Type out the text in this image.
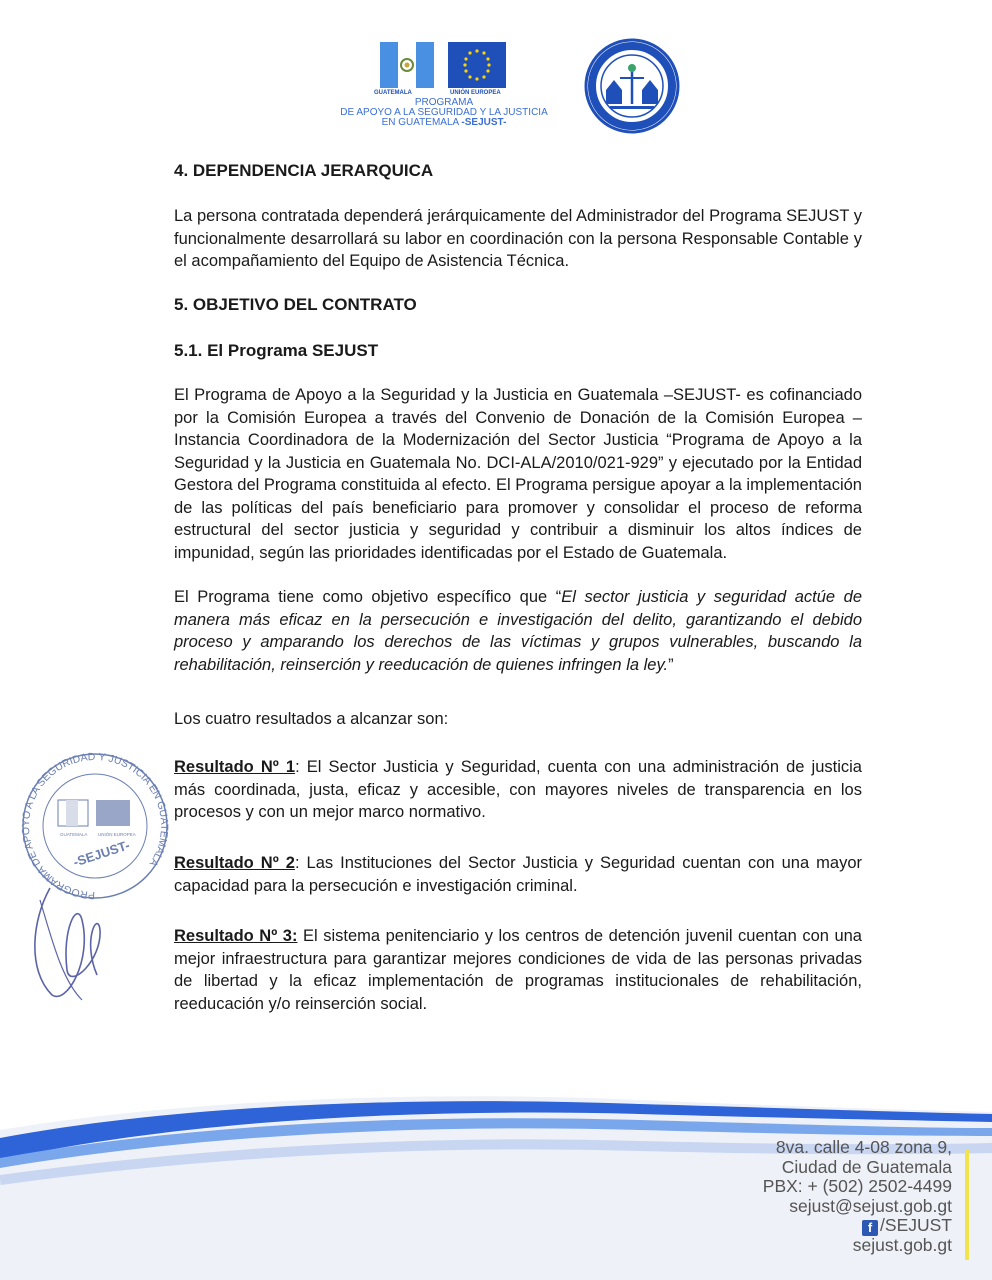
GUATEMALA	UNIÓN EUROPEA
PROGRAMA
DE APOYO A LA SEGURIDAD Y LA JUSTICIA
EN GUATEMALA -SEJUST-
4. DEPENDENCIA JERARQUICA
La persona contratada dependerá jerárquicamente del Administrador del Programa SEJUST y funcionalmente desarrollará su labor en coordinación con la persona Responsable Contable y el acompañamiento del Equipo de Asistencia Técnica.
5. OBJETIVO DEL CONTRATO
5.1. El Programa SEJUST
El Programa de Apoyo a la Seguridad y la Justicia en Guatemala –SEJUST- es cofinanciado por la Comisión Europea a través del Convenio de Donación de la Comisión Europea – Instancia Coordinadora de la Modernización del Sector Justicia “Programa de Apoyo a la Seguridad y la Justicia en Guatemala No. DCI-ALA/2010/021-929” y ejecutado por la Entidad Gestora del Programa constituida al efecto. El Programa persigue apoyar a la implementación de las políticas del país beneficiario para promover y consolidar el proceso de reforma estructural del sector justicia y seguridad y contribuir a disminuir los altos índices de impunidad, según las prioridades identificadas por el Estado de Guatemala.
El Programa tiene como objetivo específico que “El sector justicia y seguridad actúe de manera más eficaz en la persecución e investigación del delito, garantizando el debido proceso y amparando los derechos de las víctimas y grupos vulnerables, buscando la rehabilitación, reinserción y reeducación de quienes infringen la ley.”
Los cuatro resultados a alcanzar son:
Resultado Nº 1: El Sector Justicia y Seguridad, cuenta con una administración de justicia más coordinada, justa, eficaz y accesible, con mayores niveles de transparencia en los procesos y con un mejor marco normativo.
Resultado Nº 2: Las Instituciones del Sector Justicia y Seguridad cuentan con una mayor capacidad para la persecución e investigación criminal.
Resultado Nº 3: El sistema penitenciario y los centros de detención juvenil cuentan con una mejor infraestructura para garantizar mejores condiciones de vida de las personas privadas de libertad y la eficaz implementación de programas institucionales de rehabilitación, reeducación y/o reinserción social.
PROGRAMA DE APOYO A LA SEGURIDAD Y JUSTICIA EN GUATEMALA
GUATEMALA UNIÓN EUROPEA
-SEJUST-
8va. calle 4-08 zona 9,
Ciudad de Guatemala
PBX: + (502) 2502-4499
sejust@sejust.gob.gt
f /SEJUST
sejust.gob.gt
